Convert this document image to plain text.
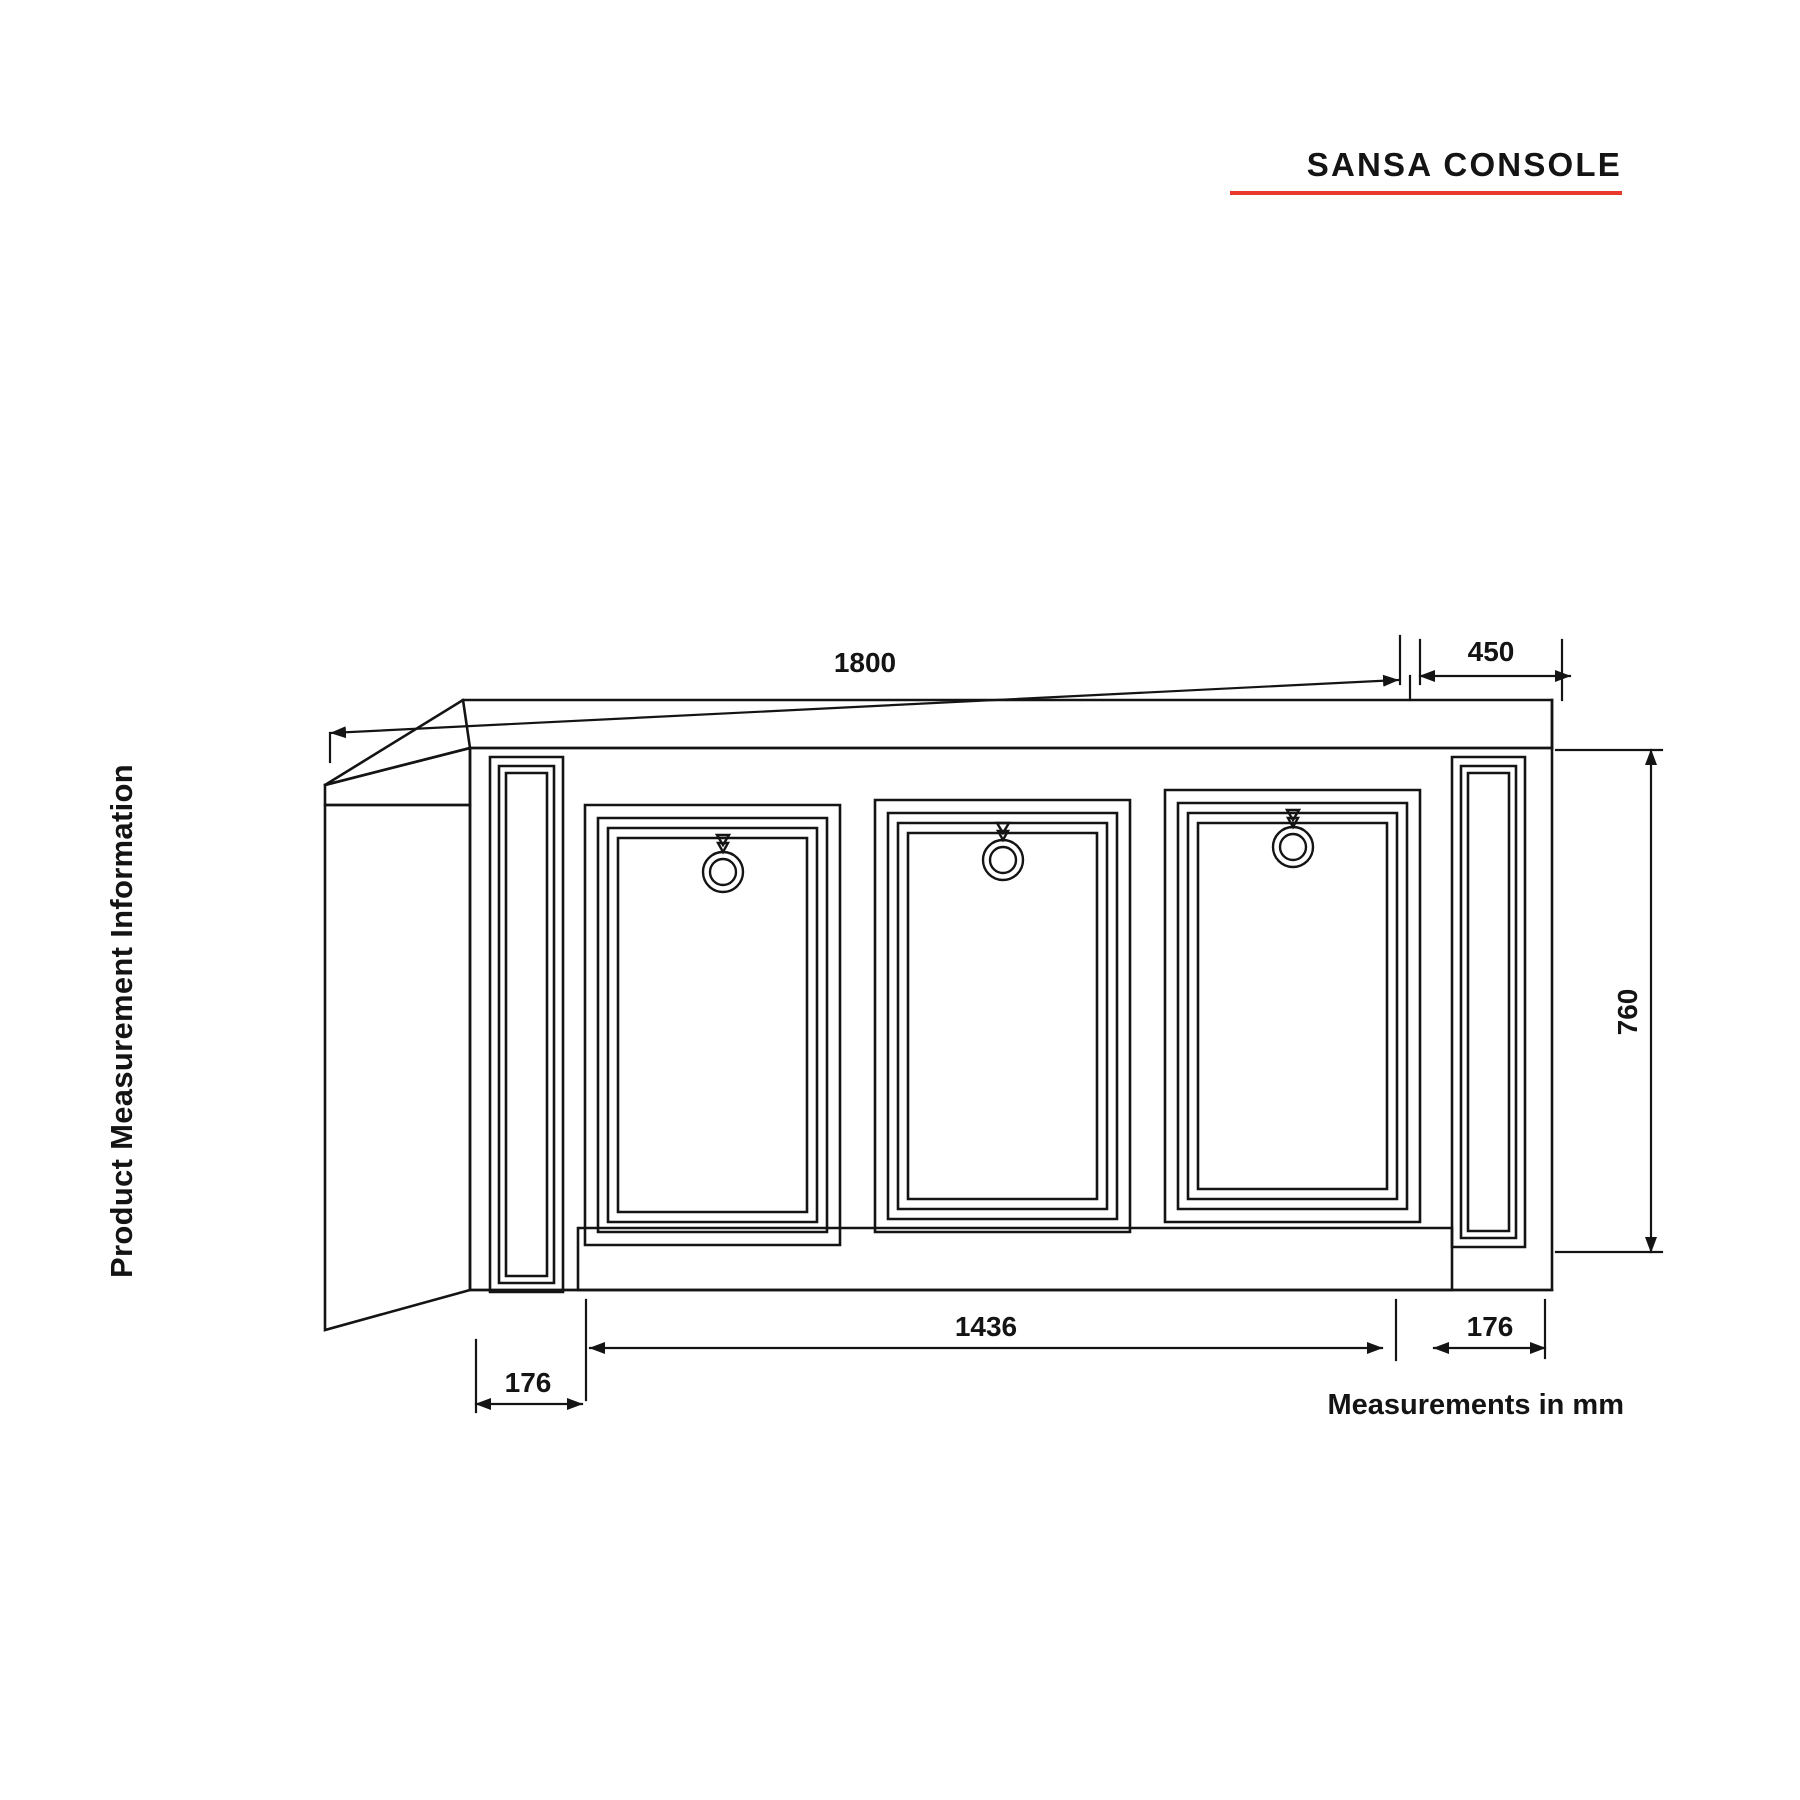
SANSA CONSOLE
Product Measurement Information
Measurements in mm
1800	450
760
1436
176
176
